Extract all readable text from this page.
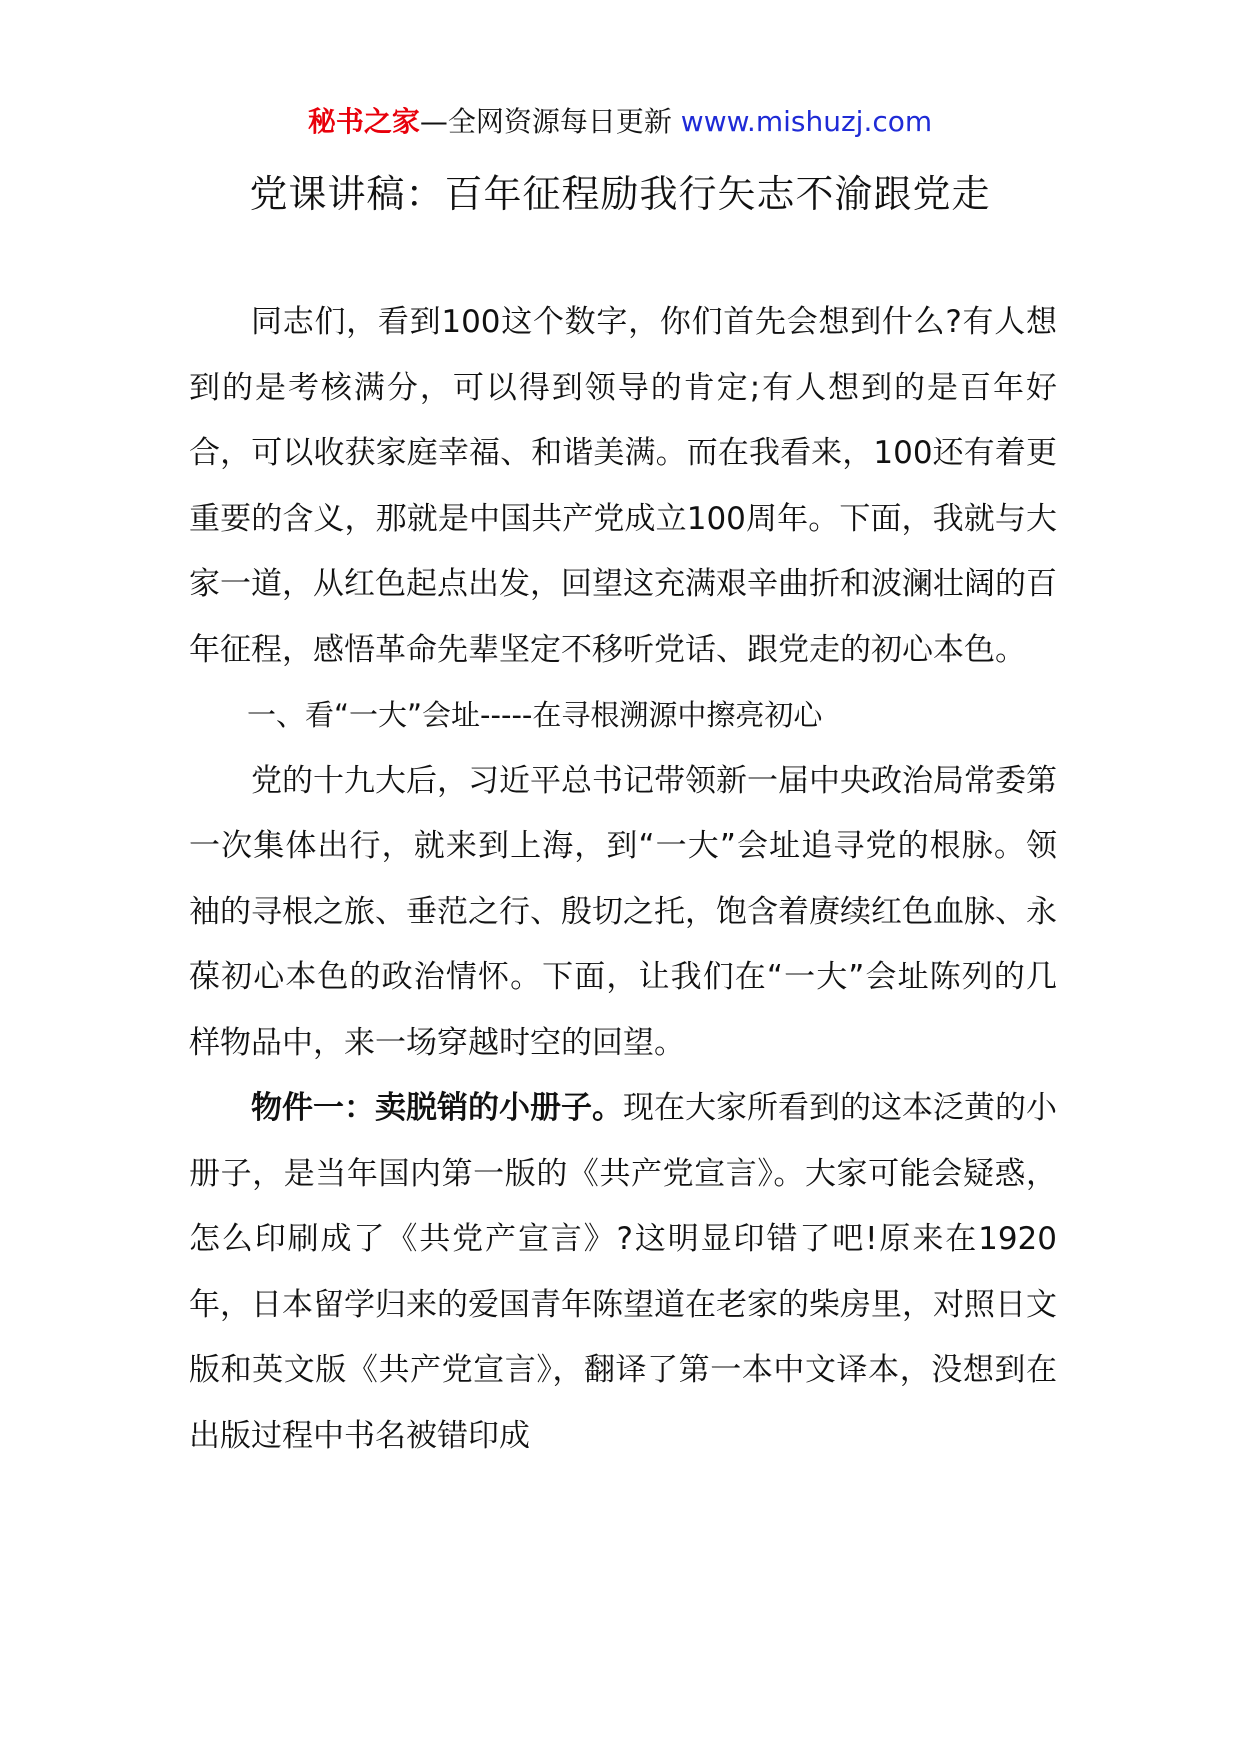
秘书之家—全网资源每日更新 www.mishuzj.com
党课讲稿：百年征程励我行矢志不渝跟党走

同志们，看到100这个数字，你们首先会想到什么?有人想到的是考核满分，可以得到领导的肯定;有人想到的是百年好合，可以收获家庭幸福、和谐美满。而在我看来，100还有着更重要的含义，那就是中国共产党成立100周年。下面，我就与大家一道，从红色起点出发，回望这充满艰辛曲折和波澜壮阔的百年征程，感悟革命先辈坚定不移听党话、跟党走的初心本色。

一、看“一大”会址-----在寻根溯源中擦亮初心

党的十九大后，习近平总书记带领新一届中央政治局常委第一次集体出行，就来到上海，到“一大”会址追寻党的根脉。领袖的寻根之旅、垂范之行、殷切之托，饱含着赓续红色血脉、永葆初心本色的政治情怀。下面，让我们在“一大”会址陈列的几样物品中，来一场穿越时空的回望。

物件一：卖脱销的小册子。现在大家所看到的这本泛黄的小册子，是当年国内第一版的《共产党宣言》。大家可能会疑惑，怎么印刷成了《共党产宣言》?这明显印错了吧!原来在1920年，日本留学归来的爱国青年陈望道在老家的柴房里，对照日文版和英文版《共产党宣言》，翻译了第一本中文译本，没想到在出版过程中书名被错印成
